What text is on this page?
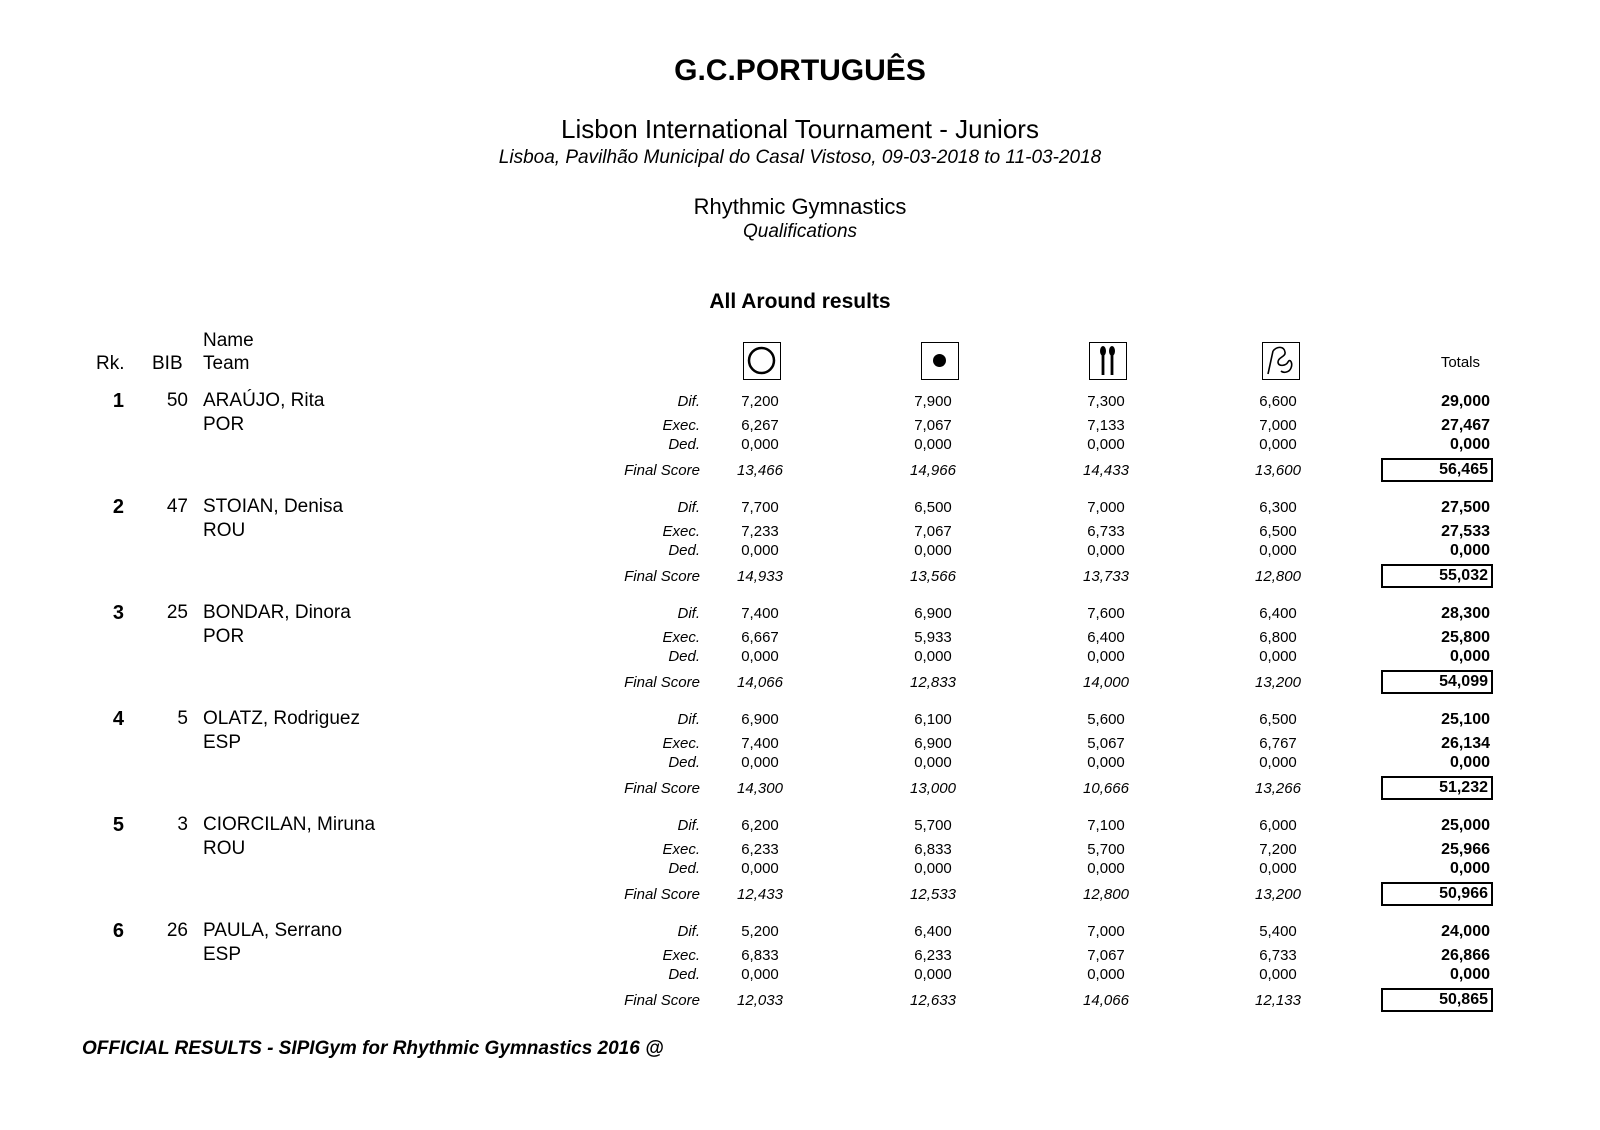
G.C.PORTUGUÊS
Lisbon International Tournament - Juniors
Lisboa, Pavilhão Municipal do Casal Vistoso, 09-03-2018 to 11-03-2018
Rhythmic Gymnastics
Qualifications
All Around results
Name
Rk. BIB Team	Totals
1	50 ARAÚJO, Rita
POR
Dif.	7,200	7,900	7,300	6,600	29,000
Exec.	6,267	7,067	7,133	7,000	27,467
Ded.	0,000	0,000	0,000	0,000	0,000
Final Score	13,466	14,966	14,433	13,600	56,465
2	47 STOIAN, Denisa
ROU
Dif.	7,700	6,500	7,000	6,300	27,500
Exec.	7,233	7,067	6,733	6,500	27,533
Ded.	0,000	0,000	0,000	0,000	0,000
Final Score	14,933	13,566	13,733	12,800	55,032
3	25 BONDAR, Dinora
POR
Dif.	7,400	6,900	7,600	6,400	28,300
Exec.	6,667	5,933	6,400	6,800	25,800
Ded.	0,000	0,000	0,000	0,000	0,000
Final Score	14,066	12,833	14,000	13,200	54,099
4	5 OLATZ, Rodriguez
ESP
Dif.	6,900	6,100	5,600	6,500	25,100
Exec.	7,400	6,900	5,067	6,767	26,134
Ded.	0,000	0,000	0,000	0,000	0,000
Final Score	14,300	13,000	10,666	13,266	51,232
5	3 CIORCILAN, Miruna
ROU
Dif.	6,200	5,700	7,100	6,000	25,000
Exec.	6,233	6,833	5,700	7,200	25,966
Ded.	0,000	0,000	0,000	0,000	0,000
Final Score	12,433	12,533	12,800	13,200	50,966
6	26 PAULA, Serrano
ESP
Dif.	5,200	6,400	7,000	5,400	24,000
Exec.	6,833	6,233	7,067	6,733	26,866
Ded.	0,000	0,000	0,000	0,000	0,000
Final Score	12,033	12,633	14,066	12,133	50,865
OFFICIAL RESULTS - SIPIGym for Rhythmic Gymnastics 2016 @
